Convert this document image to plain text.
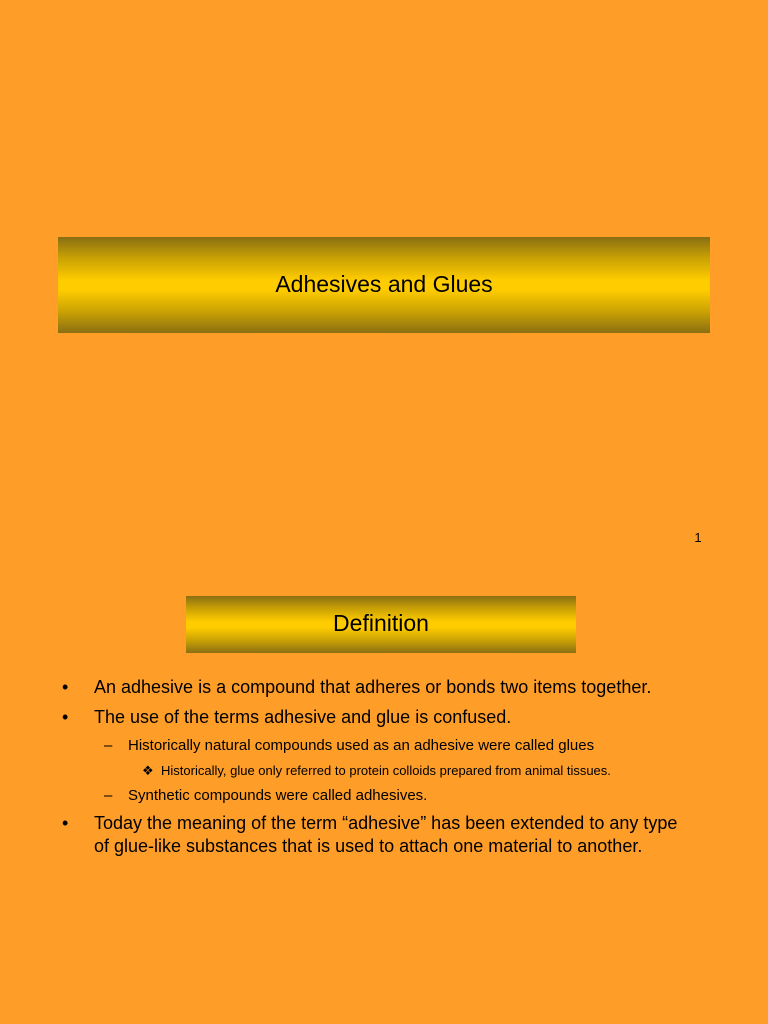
Adhesives and Glues
1
Definition
• An adhesive is a compound that adheres or bonds two items together.
• The use of the terms adhesive and glue is confused.
– Historically natural compounds used as an adhesive were called glues
❖ Historically, glue only referred to protein colloids prepared from animal tissues.
– Synthetic compounds were called adhesives.
• Today the meaning of the term “adhesive” has been extended to any type of glue-like substances that is used to attach one material to another.
